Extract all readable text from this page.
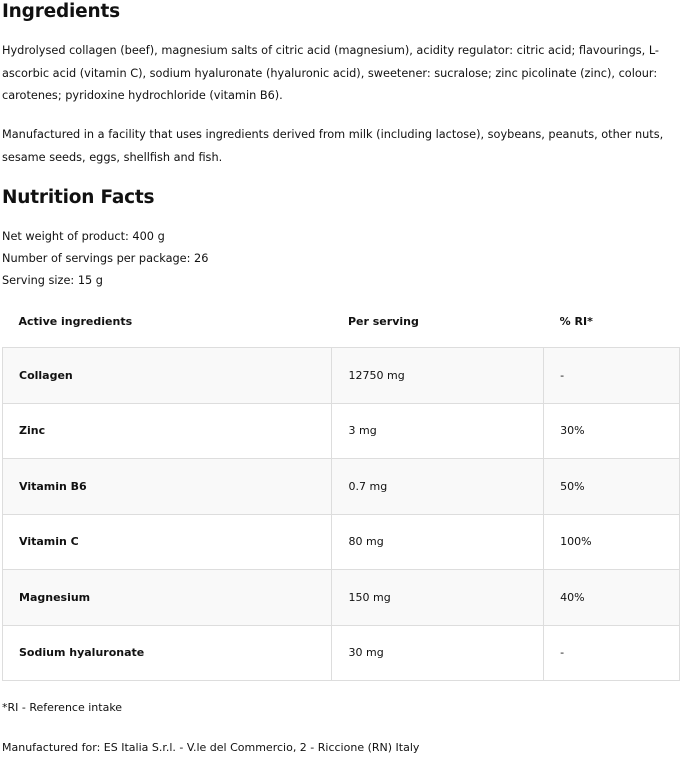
Ingredients

Hydrolysed collagen (beef), magnesium salts of citric acid (magnesium), acidity regulator: citric acid; flavourings, L-ascorbic acid (vitamin C), sodium hyaluronate (hyaluronic acid), sweetener: sucralose; zinc picolinate (zinc), colour: carotenes; pyridoxine hydrochloride (vitamin B6).

Manufactured in a facility that uses ingredients derived from milk (including lactose), soybeans, peanuts, other nuts, sesame seeds, eggs, shellfish and fish.

Nutrition Facts
Net weight of product: 400 g
Number of servings per package: 26
Serving size: 15 g
Active ingredients	Per serving	% RI*
Collagen	12750 mg	-
Zinc	3 mg	30%
Vitamin B6	0.7 mg	50%
Vitamin C	80 mg	100%
Magnesium	150 mg	40%
Sodium hyaluronate	30 mg	-
*RI - Reference intake
Manufactured for: ES Italia S.r.l. - V.le del Commercio, 2 - Riccione (RN) Italy
